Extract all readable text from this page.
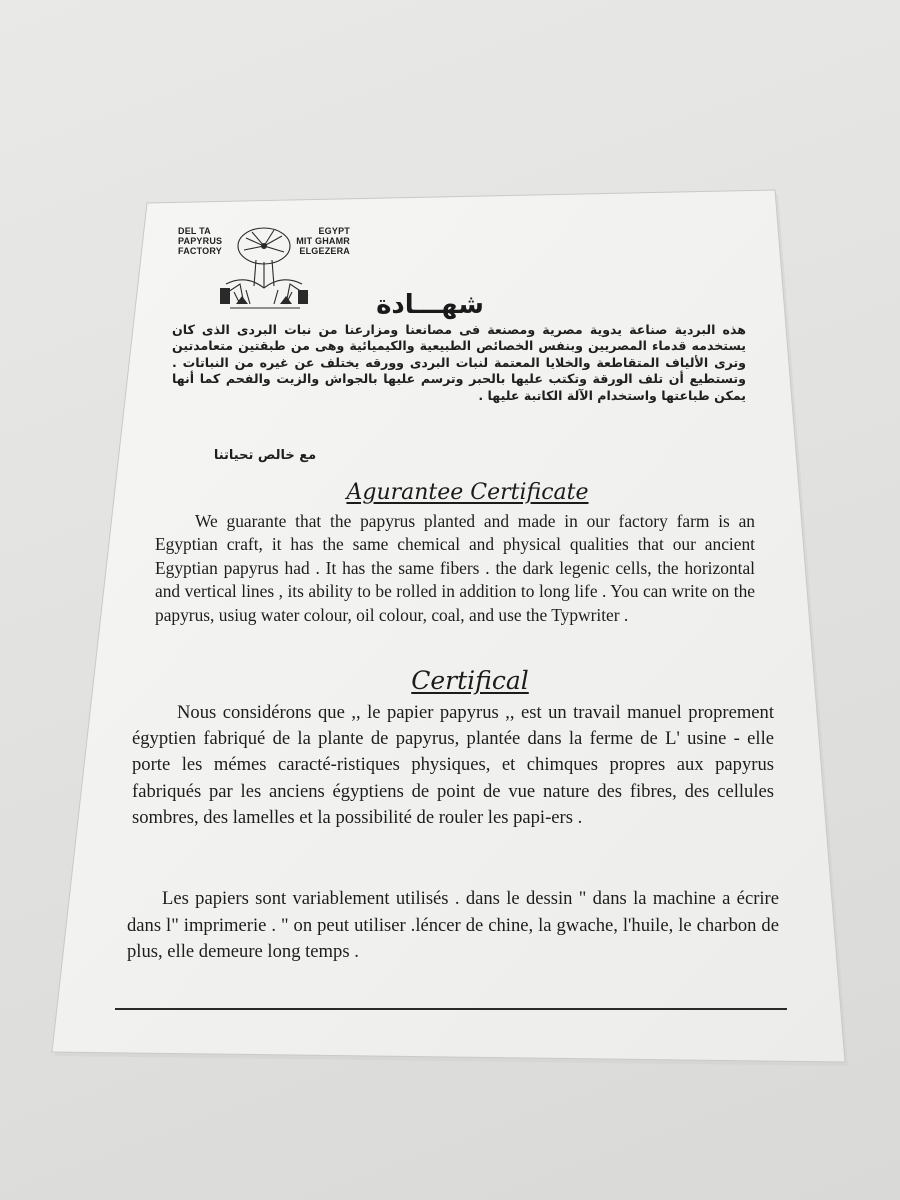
DEL TA
PAPYRUS
FACTORY
EGYPT
MIT GHAMR
ELGEZERA
شهـــادة
هذه البردية صناعة يدوية مصرية ومصنعة فى مصانعنا ومزارعنا من نبات البردى الذى كان يستخدمه قدماء المصريين وبنفس الخصائص الطبيعية والكيميائية وهى من طبقتين متعامدتين وترى الألياف المتقاطعة والخلايا المعتمة لنبات البردى وورقه يختلف عن غيره من النباتات . وتستطيع أن تلف الورقة وتكتب عليها بالحبر وترسم عليها بالجواش والزيت والفحم كما أنها يمكن طباعتها واستخدام الآلة الكاتبة عليها .
مع خالص تحياتنا
Agurantee Certificate
We guarante that the papyrus planted and made in our factory farm is an Egyptian craft, it has the same chemical and physical qualities that our ancient Egyptian papyrus had . It has the same fibers . the dark legenic cells, the horizontal and vertical lines , its ability to be rolled in addition to long life . You can write on the papyrus, usiug water colour, oil colour, coal, and use the Typwriter .
Certifical
Nous considérons que ,, le papier papyrus ,, est un travail manuel proprement égyptien fabriqué de la plante de papyrus, plantée dans la ferme de L' usine - elle porte les mémes caracté-ristiques physiques, et chimques propres aux papyrus fabriqués par les anciens égyptiens de point de vue nature des fibres, des cellules sombres, des lamelles et la possibilité de rouler les papi-ers .
Les papiers sont variablement utilisés . dans le dessin " dans la machine a écrire dans l" imprimerie . " on peut utiliser .léncer de chine, la gwache, l'huile, le charbon de plus, elle demeure long temps .
